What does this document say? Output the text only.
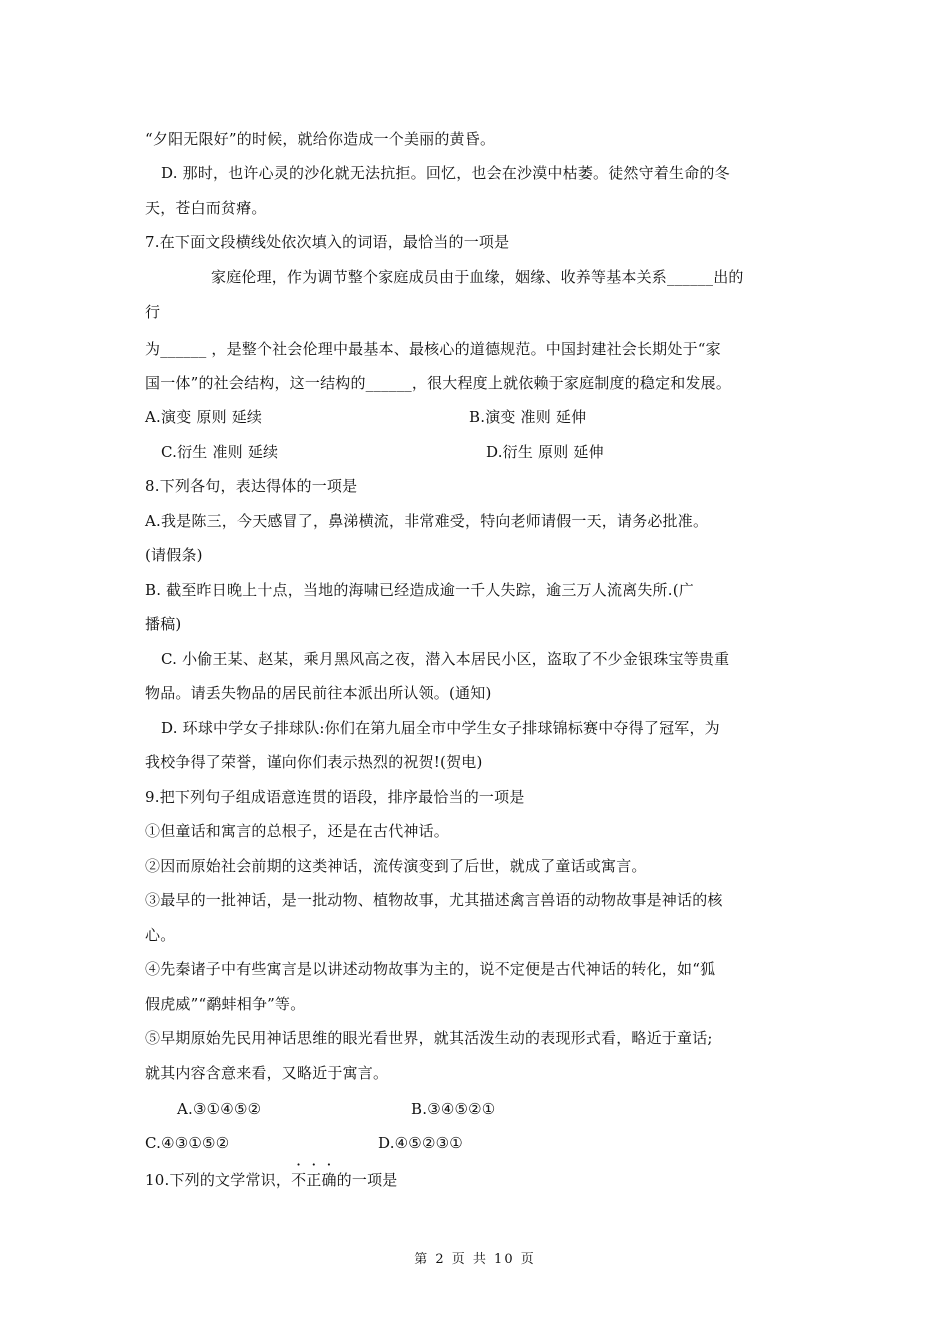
“夕阳无限好”的时候，就给你造成一个美丽的黄昏。
D. 那时，也许心灵的沙化就无法抗拒。回忆，也会在沙漠中枯萎。徒然守着生命的冬
天，苍白而贫瘠。
7.在下面文段横线处依次填入的词语，最恰当的一项是
家庭伦理，作为调节整个家庭成员由于血缘，姻缘、收养等基本关系______出的
行
为______ ，是整个社会伦理中最基本、最核心的道德规范。中国封建社会长期处于“家
国一体”的社会结构，这一结构的______，很大程度上就依赖于家庭制度的稳定和发展。
A.演变 原则 延续	B.演变 准则 延伸
C.衍生 准则 延续	D.衍生 原则 延伸
8.下列各句，表达得体的一项是
A.我是陈三，今天感冒了，鼻涕横流，非常难受，特向老师请假一天，请务必批准。
(请假条)
B. 截至昨日晚上十点，当地的海啸已经造成逾一千人失踪，逾三万人流离失所.(广
播稿)
C. 小偷王某、赵某，乘月黑风高之夜，潜入本居民小区，盗取了不少金银珠宝等贵重
物品。请丢失物品的居民前往本派出所认领。(通知)
D. 环球中学女子排球队:你们在第九届全市中学生女子排球锦标赛中夺得了冠军，为
我校争得了荣誉，谨向你们表示热烈的祝贺!(贺电)
9.把下列句子组成语意连贯的语段，排序最恰当的一项是
①但童话和寓言的总根子，还是在古代神话。
②因而原始社会前期的这类神话，流传演变到了后世，就成了童话或寓言。
③最早的一批神话，是一批动物、植物故事，尤其描述禽言兽语的动物故事是神话的核
心。
④先秦诸子中有些寓言是以讲述动物故事为主的，说不定便是古代神话的转化，如“狐
假虎威”“鹬蚌相争”等。
⑤早期原始先民用神话思维的眼光看世界，就其活泼生动的表现形式看，略近于童话;
就其内容含意来看，又略近于寓言。
A.③①④⑤②	B.③④⑤②①
C.④③①⑤②	D.④⑤②③①
10.下列的文学常识，不正确的一项是
第 2 页 共 10 页
